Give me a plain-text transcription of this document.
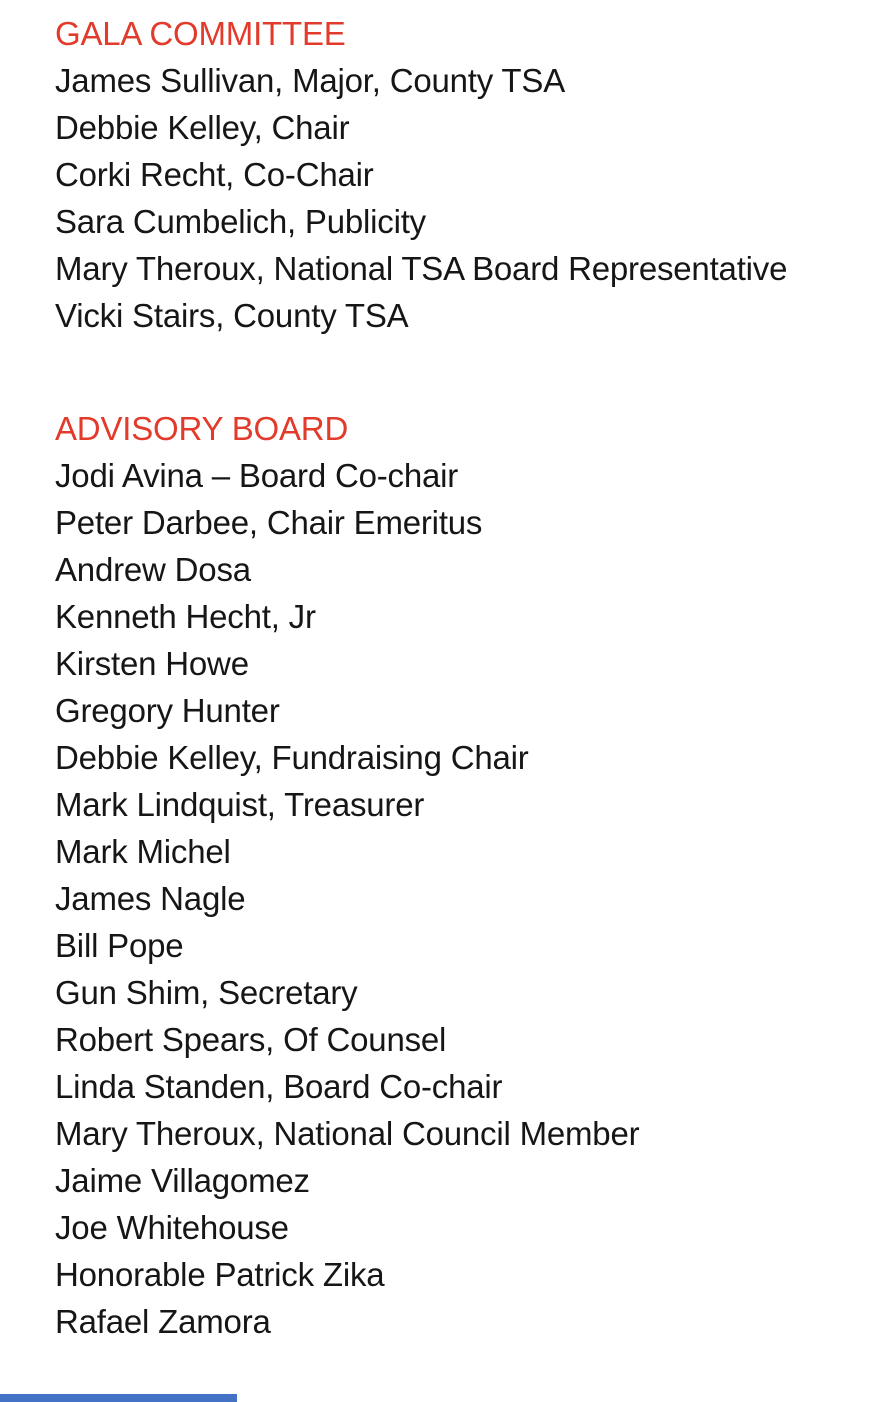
GALA COMMITTEE
James Sullivan, Major, County TSA
Debbie Kelley, Chair
Corki Recht, Co-Chair
Sara Cumbelich, Publicity
Mary Theroux, National TSA Board Representative
Vicki Stairs, County TSA
ADVISORY BOARD
Jodi Avina – Board Co-chair
Peter Darbee, Chair Emeritus
Andrew Dosa
Kenneth Hecht, Jr
Kirsten Howe
Gregory Hunter
Debbie Kelley, Fundraising Chair
Mark Lindquist, Treasurer
Mark Michel
James Nagle
Bill Pope
Gun Shim, Secretary
Robert Spears, Of Counsel
Linda Standen, Board Co-chair
Mary Theroux, National Council Member
Jaime Villagomez
Joe Whitehouse
Honorable Patrick Zika
Rafael Zamora
